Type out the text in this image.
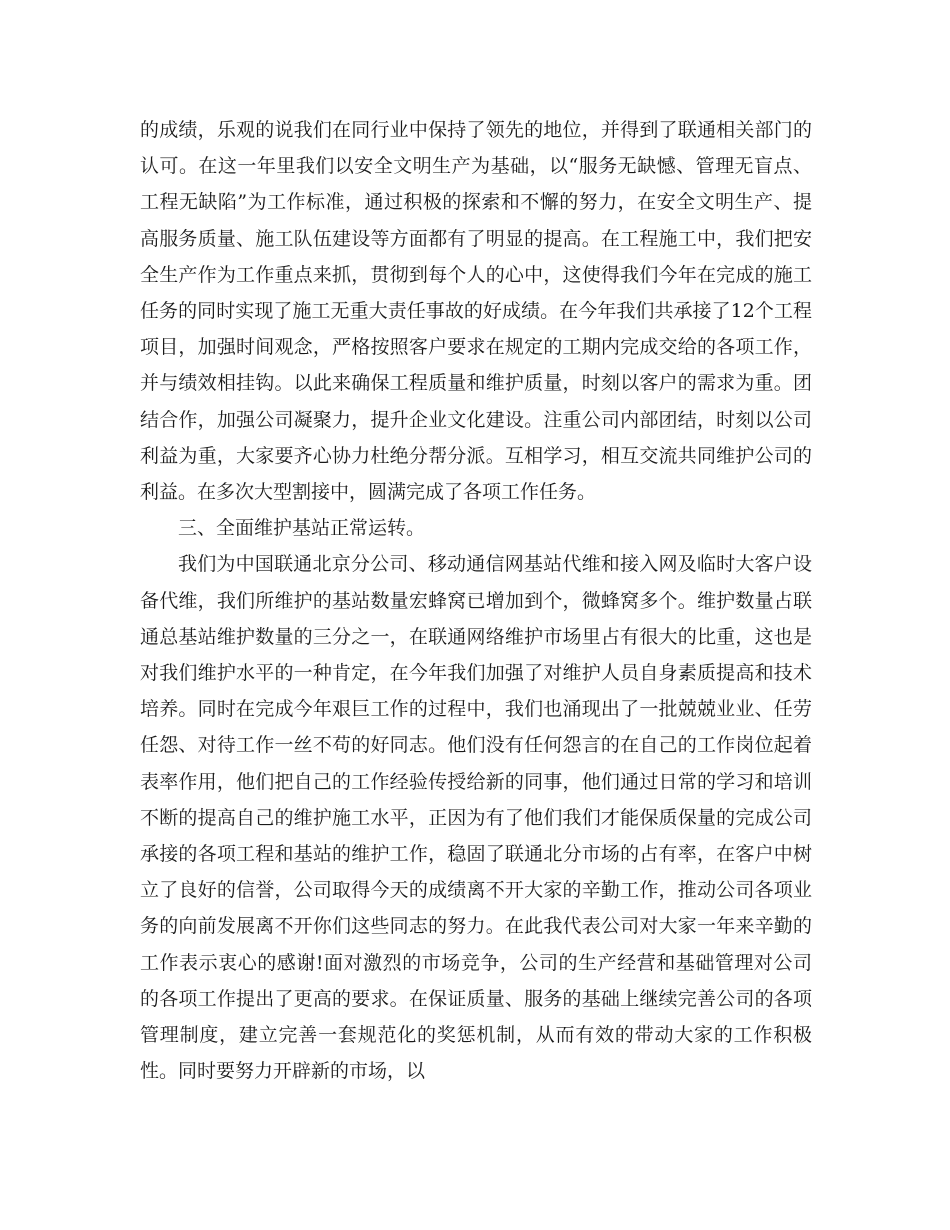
的成绩，乐观的说我们在同行业中保持了领先的地位，并得到了联通相关部门的认可。在这一年里我们以安全文明生产为基础，以“服务无缺憾、管理无盲点、工程无缺陷”为工作标准，通过积极的探索和不懈的努力，在安全文明生产、提高服务质量、施工队伍建设等方面都有了明显的提高。在工程施工中，我们把安全生产作为工作重点来抓，贯彻到每个人的心中，这使得我们今年在完成的施工任务的同时实现了施工无重大责任事故的好成绩。在今年我们共承接了12个工程项目，加强时间观念，严格按照客户要求在规定的工期内完成交给的各项工作，并与绩效相挂钩。以此来确保工程质量和维护质量，时刻以客户的需求为重。团结合作，加强公司凝聚力，提升企业文化建设。注重公司内部团结，时刻以公司利益为重，大家要齐心协力杜绝分帮分派。互相学习，相互交流共同维护公司的利益。在多次大型割接中，圆满完成了各项工作任务。

三、全面维护基站正常运转。

我们为中国联通北京分公司、移动通信网基站代维和接入网及临时大客户设备代维，我们所维护的基站数量宏蜂窝已增加到个，微蜂窝多个。维护数量占联通总基站维护数量的三分之一，在联通网络维护市场里占有很大的比重，这也是对我们维护水平的一种肯定，在今年我们加强了对维护人员自身素质提高和技术培养。同时在完成今年艰巨工作的过程中，我们也涌现出了一批兢兢业业、任劳任怨、对待工作一丝不苟的好同志。他们没有任何怨言的在自己的工作岗位起着表率作用，他们把自己的工作经验传授给新的同事，他们通过日常的学习和培训不断的提高自己的维护施工水平，正因为有了他们我们才能保质保量的完成公司承接的各项工程和基站的维护工作，稳固了联通北分市场的占有率，在客户中树立了良好的信誉，公司取得今天的成绩离不开大家的辛勤工作，推动公司各项业务的向前发展离不开你们这些同志的努力。在此我代表公司对大家一年来辛勤的工作表示衷心的感谢!面对激烈的市场竞争，公司的生产经营和基础管理对公司的各项工作提出了更高的要求。在保证质量、服务的基础上继续完善公司的各项管理制度，建立完善一套规范化的奖惩机制，从而有效的带动大家的工作积极性。同时要努力开辟新的市场，以
